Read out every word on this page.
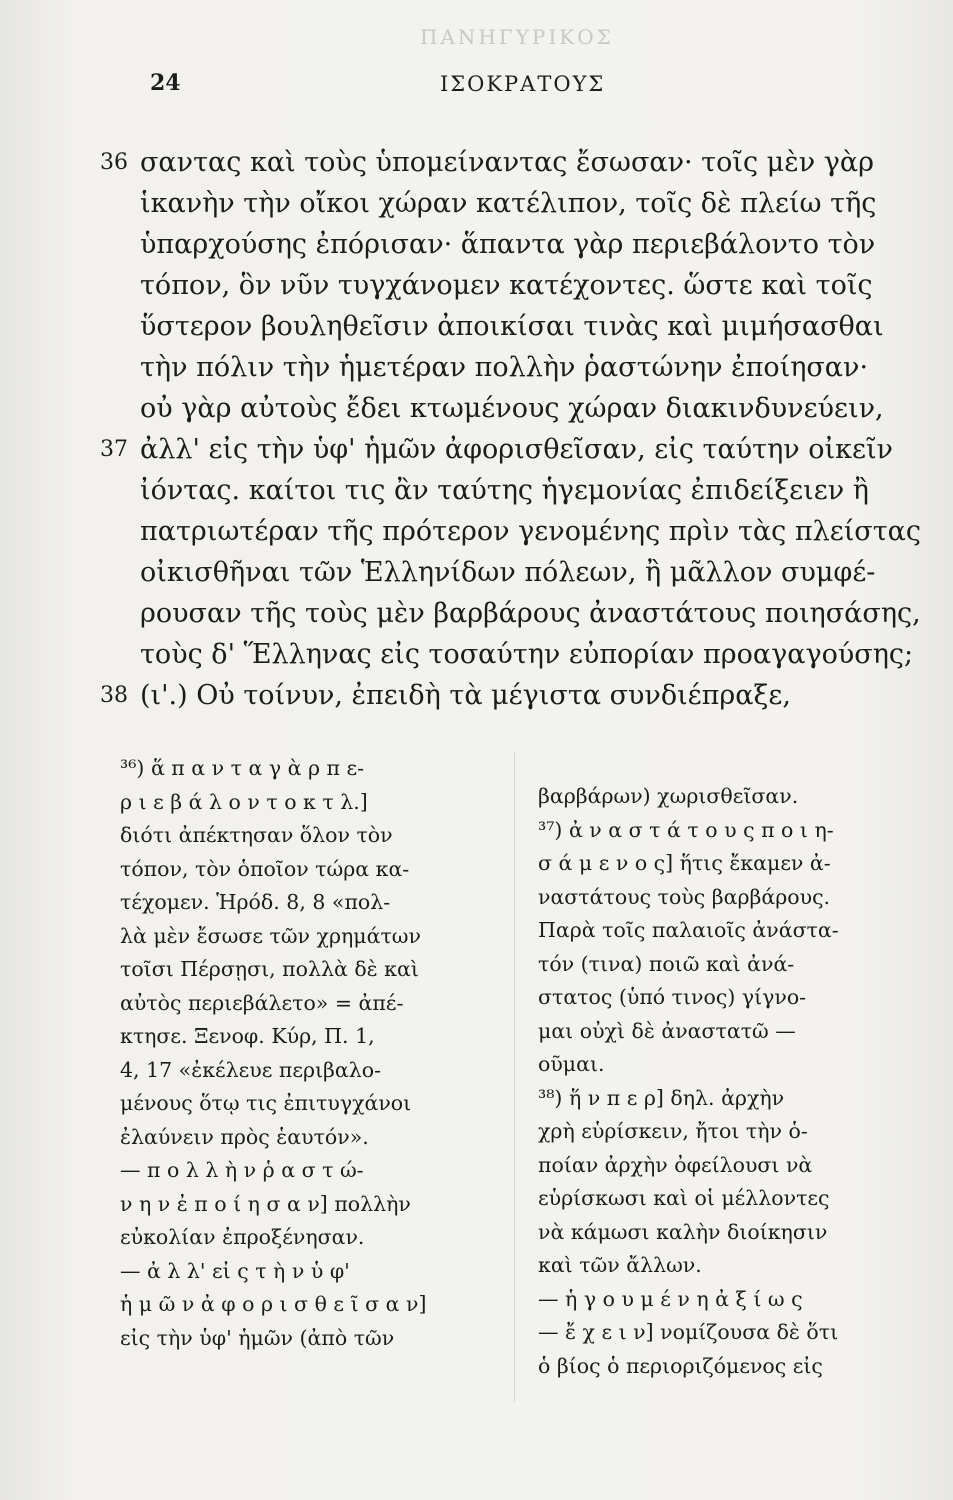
ΠΑΝΗΓΥΡΙΚΟΣ
24	ΙΣΟΚΡΑΤΟΥΣ
36 σαντας καὶ τοὺς ὑπομείναντας ἔσωσαν· τοῖς μὲν γὰρ
ἱκανὴν τὴν οἴκοι χώραν κατέλιπον, τοῖς δὲ πλείω τῆς
ὑπαρχούσης ἐπόρισαν· ἅπαντα γὰρ περιεβάλοντο τὸν
τόπον, ὃν νῦν τυγχάνομεν κατέχοντες. ὥστε καὶ τοῖς
ὕστερον βουληθεῖσιν ἀποικίσαι τινὰς καὶ μιμήσασθαι
τὴν πόλιν τὴν ἡμετέραν πολλὴν ῥαστώνην ἐποίησαν·
οὐ γὰρ αὐτοὺς ἔδει κτωμένους χώραν διακινδυνεύειν,
37 ἀλλ' εἰς τὴν ὑφ' ἡμῶν ἀφορισθεῖσαν, εἰς ταύτην οἰκεῖν
ἰόντας. καίτοι τις ἂν ταύτης ἡγεμονίας ἐπιδείξειεν ἢ
πατριωτέραν τῆς πρότερον γενομένης πρὶν τὰς πλείστας
οἰκισθῆναι τῶν Ἑλληνίδων πόλεων, ἢ μᾶλλον συμφέ-
ρουσαν τῆς τοὺς μὲν βαρβάρους ἀναστάτους ποιησάσης,
τοὺς δ' Ἕλληνας εἰς τοσαύτην εὐπορίαν προαγαγούσης;
38 (ι'.) Οὐ τοίνυν, ἐπειδὴ τὰ μέγιστα συνδιέπραξε,
³⁶) ἅ π α ν τ α γ ὰ ρ π ε-
ρ ι ε β ά λ ο ν τ ο κ τ λ.]
διότι ἀπέκτησαν ὅλον τὸν
τόπον, τὸν ὁποῖον τώρα κα-
τέχομεν. Ἡρόδ. 8, 8 «πολ-
λὰ μὲν ἔσωσε τῶν χρημάτων
τοῖσι Πέρσῃσι, πολλὰ δὲ καὶ
αὐτὸς περιεβάλετο» = ἀπέ-
κτησε. Ξενοφ. Κύρ, Π. 1,
4, 17 «ἐκέλευε περιβαλο-
μένους ὅτῳ τις ἐπιτυγχάνοι
ἐλαύνειν πρὸς ἑαυτόν».
— π ο λ λ ὴ ν ῥ α σ τ ώ-
ν η ν ἐ π ο ί η σ α ν] πολλὴν
εὐκολίαν ἐπροξένησαν.
— ἀ λ λ' εἰ ς τ ὴ ν ὑ φ'
ἡ μ ῶ ν ἀ φ ο ρ ι σ θ ε ῖ σ α ν]
εἰς τὴν ὑφ' ἡμῶν (ἀπὸ τῶν
βαρβάρων) χωρισθεῖσαν.
³⁷) ἀ ν α σ τ ά τ ο υ ς π ο ι η-
σ ά μ ε ν ο ς] ἥτις ἔκαμεν ἀ-
ναστάτους τοὺς βαρβάρους.
Παρὰ τοῖς παλαιοῖς ἀνάστα-
τόν (τινα) ποιῶ καὶ ἀνά-
στατος (ὑπό τινος) γίγνο-
μαι οὐχὶ δὲ ἀναστατῶ —
οῦμαι.
³⁸) ἥ ν π ε ρ] δηλ. ἀρχὴν
χρὴ εὑρίσκειν, ἤτοι τὴν ὁ-
ποίαν ἀρχὴν ὀφείλουσι νὰ
εὑρίσκωσι καὶ οἱ μέλλοντες
νὰ κάμωσι καλὴν διοίκησιν
καὶ τῶν ἄλλων.
— ἡ γ ο υ μ έ ν η ἀ ξ ί ω ς
— ἔ χ ε ι ν] νομίζουσα δὲ ὅτι
ὁ βίος ὁ περιοριζόμενος εἰς
